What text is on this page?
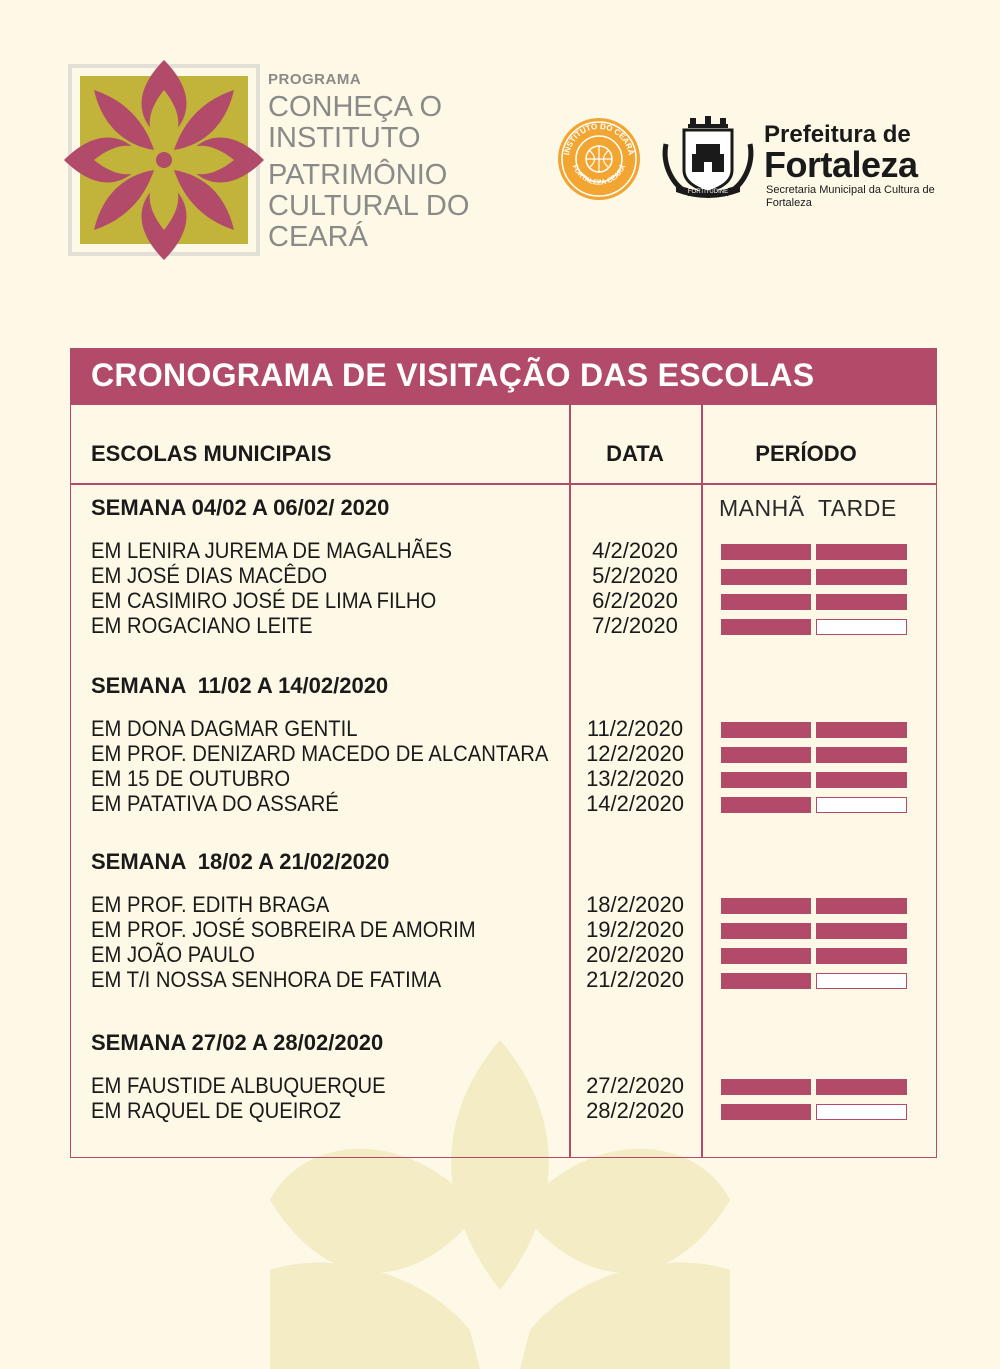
PROGRAMA
CONHEÇA O INSTITUTO
PATRIMÔNIO CULTURAL DO CEARÁ
INSTITUTO DO CEARÁ
FORTALEZA CEARÁ
FORTITUDINE
Prefeitura de
Fortaleza
Secretaria Municipal da Cultura de Fortaleza
CRONOGRAMA DE VISITAÇÃO DAS ESCOLAS
ESCOLAS MUNICIPAIS	DATA	PERÍODO
MANHÃ TARDE
SEMANA 04/02 A 06/02/ 2020
EM LENIRA JUREMA DE MAGALHÃES	4/2/2020
EM JOSÉ DIAS MACÊDO	5/2/2020
EM CASIMIRO JOSÉ DE LIMA FILHO	6/2/2020
EM ROGACIANO LEITE	7/2/2020
SEMANA  11/02 A 14/02/2020
EM DONA DAGMAR GENTIL	11/2/2020
EM PROF. DENIZARD MACEDO DE ALCANTARA	12/2/2020
EM 15 DE OUTUBRO	13/2/2020
EM PATATIVA DO ASSARÉ	14/2/2020
SEMANA  18/02 A 21/02/2020
EM PROF. EDITH BRAGA	18/2/2020
EM PROF. JOSÉ SOBREIRA DE AMORIM	19/2/2020
EM JOÃO PAULO	20/2/2020
EM T/I NOSSA SENHORA DE FATIMA	21/2/2020
SEMANA 27/02 A 28/02/2020
EM FAUSTIDE ALBUQUERQUE	27/2/2020
EM RAQUEL DE QUEIROZ	28/2/2020
